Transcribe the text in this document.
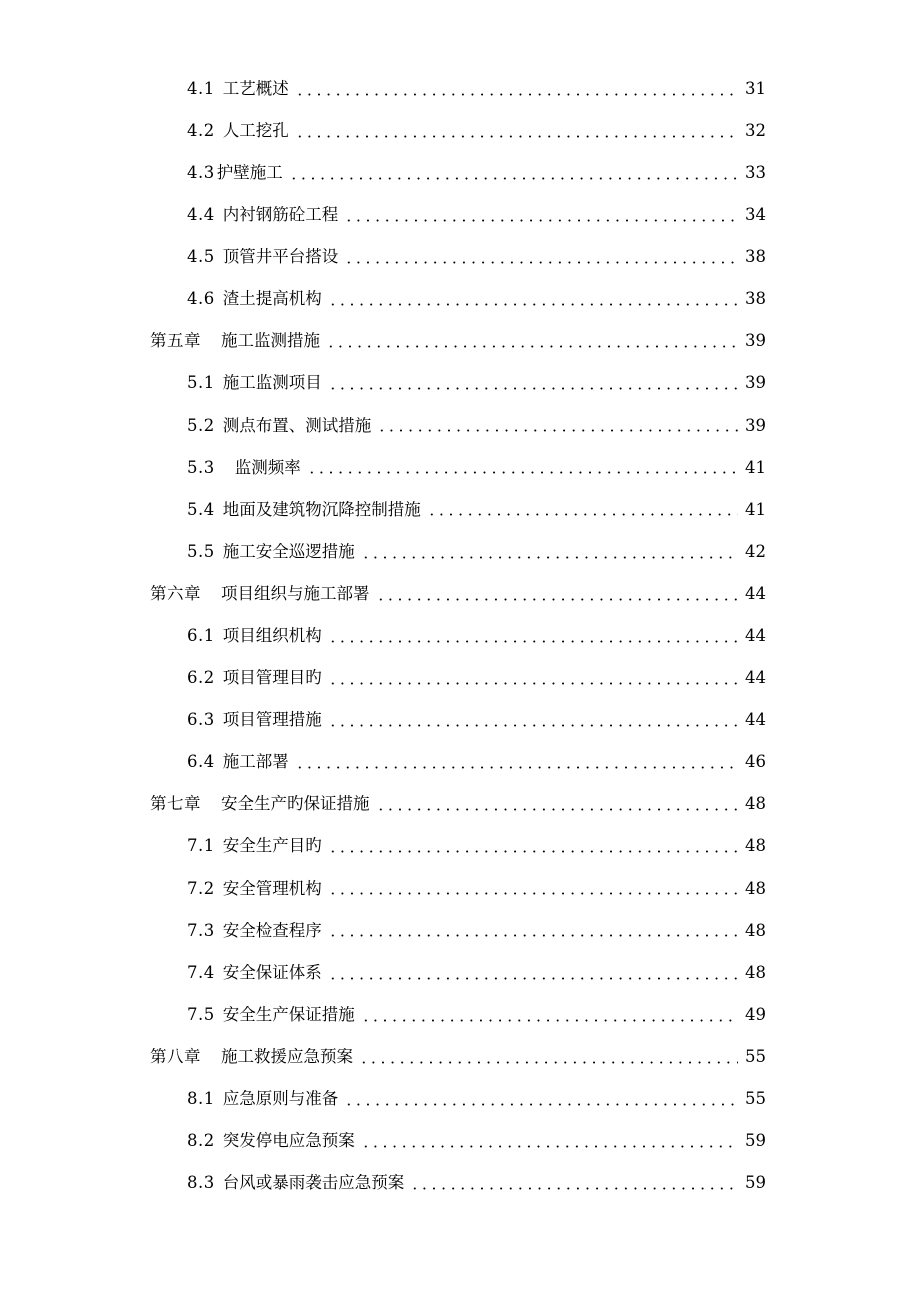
4.1 工艺概述	31
4.2 人工挖孔	32
4.3 护壁施工	33
4.4 内衬钢筋砼工程	34
4.5 顶管井平台搭设	38
4.6 渣土提高机构	38
第五章 施工监测措施	39
5.1 施工监测项目	39
5.2 测点布置、测试措施	39
5.3 监测频率	41
5.4 地面及建筑物沉降控制措施	41
5.5 施工安全巡逻措施	42
第六章 项目组织与施工部署	44
6.1 项目组织机构	44
6.2 项目管理目旳	44
6.3 项目管理措施	44
6.4 施工部署	46
第七章 安全生产旳保证措施	48
7.1 安全生产目旳	48
7.2 安全管理机构	48
7.3 安全检查程序	48
7.4 安全保证体系	48
7.5 安全生产保证措施	49
第八章 施工救援应急预案	55
8.1 应急原则与准备	55
8.2 突发停电应急预案	59
8.3 台风或暴雨袭击应急预案	59
